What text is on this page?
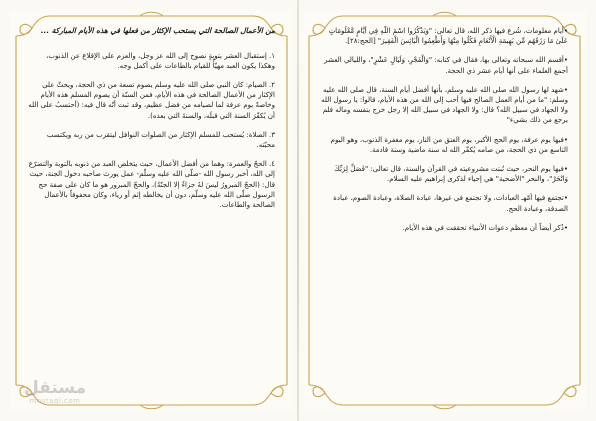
•أيام معلومات، شُرع فيها ذكر الله، قال تعالى: "وَيَذْكُرُوا اسْمَ اللَّهِ فِي أَيَّامٍ مَّعْلُومَاتٍ عَلَىٰ مَا رَزَقَهُم مِّن بَهِيمَةِ الْأَنْعَامِ فَكُلُوا مِنْهَا وَأَطْعِمُوا الْبَائِسَ الْفَقِيرَ" [الحج:٢٨].

•أقسم الله سبحانه وتعالى بها، فقال في كتابه: "وَالْفَجْرِ، وَلَيَالٍ عَشْرٍ"، والليالي العشر أجمع العلماء على أنها أيام عشر ذي الحجة.

•شهد لها رسول الله صلى الله عليه وسلم، بأنها أفضل أيام السنة، قال صلى الله عليه وسلم: "ما من أيام العمل الصالح فيها أحب إلى الله من هذه الأيام، قالوا: يا رسول الله ولا الجهاد في سبيل الله؟ قال: ولا الجهاد في سبيل الله إلا رجل خرج بنفسه وماله فلم يرجع من ذلك بشيء"

•فيها يوم عرفة، يوم الحج الأكبر، يوم العتق من النار، يوم مغفرة الذنوب، وهو اليوم التاسع من ذي الحجة، من صامه يُكفّر الله له سنة ماضية وسنة قادمة.

•فيها يوم النحر، حيث تُبتت مشروعيته في القرآن والسنة، قال تعالى: "فَصَلِّ لِرَبِّكَ وَانْحَرْ"، والنحر "الأضحية" هي إحياء لذكرى إبراهيم عليه السلام.

•تجتمع فيها أمّهـ العبادات، ولا تجتمع في غيرها، عبادة الصلاة، وعبادة الصوم، عبادة الصدقة، وعبادة الحج.

•ذُكر أيضاً أن معظم دعوات الأنبياء تحققت في هذه الأيام.

من الأعمال الصالحة التي يستحب الإكثار من فعلها في هذه الأيام المباركة ...

١. إستقبال العشر بتوبةٍ نصوح إلى الله عز وجل، والعزم على الإقلاع عن الذنوب، وهكذا يكون العبد مهيّأً للقيام بالطاعات على أكمل وجه.

٢. الصيام: كان النبي صلى الله عليه وسلم يصوم تسعة من ذي الحجة، ويحثّ على الإكثار من الأعمال الصالحة في هذه الأيام، فمن السنّة أن يصوم المسلم هذه الأيام وخاصةً يوم عرفة لما لصيامه من فضل عظيم، وقد ثبت أنّه قال فيه: (أحتسبُ على الله أن يُكفّرَ السنة التي قبلَه، والسنةَ التي بعده).

٣. الصلاة: يُستحب للمسلم الإكثار من الصلوات النوافل ليتقرب من ربه ويكتسب محبّته.

٤. الحجّ والعمرة: وهما من أفضل الأعمال، حيث يتخلص العبد من ذنوبه بالتوبة والتضرّع إلى الله، أخبر رسول الله -صلّى الله عليه وسلّم- عمل يورث صاحبه دخول الجنة، حيث قال: (الحجّ المبرورُ ليسَ لهُ جزاءٌ إلا الجنّةُ)، والحجّ المبرور هو ما كان على صفة حج الرسول صلّى الله عليه وسلّم، دون أن يخالطه إثم أو رياء، وكان محفوفاً بالأعمال الصالحة والطاعات.

مستقل
mostaql.com
